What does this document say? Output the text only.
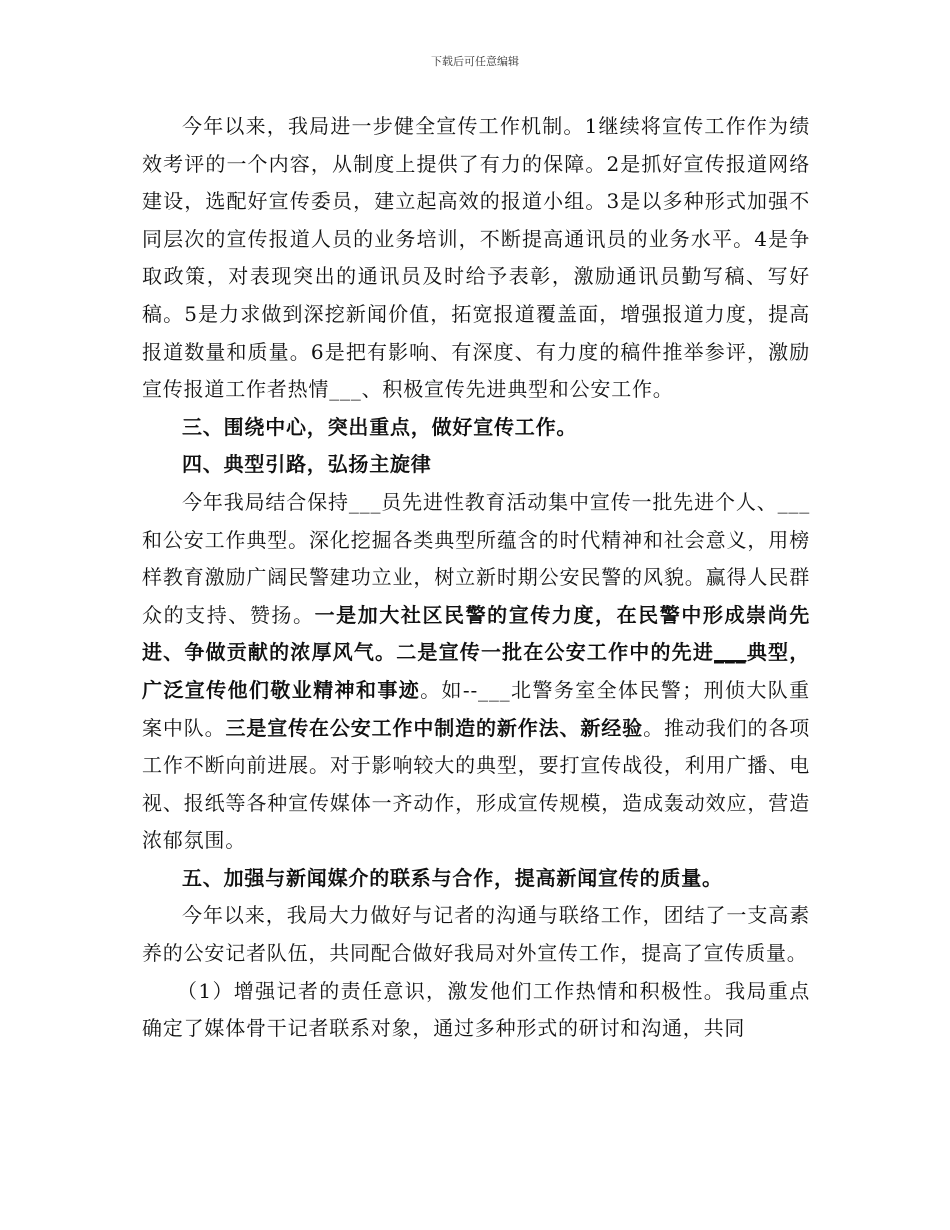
下载后可任意编辑

今年以来，我局进一步健全宣传工作机制。1继续将宣传工作作为绩效考评的一个内容，从制度上提供了有力的保障。2是抓好宣传报道网络建设，选配好宣传委员，建立起高效的报道小组。3是以多种形式加强不同层次的宣传报道人员的业务培训，不断提高通讯员的业务水平。4是争取政策，对表现突出的通讯员及时给予表彰，激励通讯员勤写稿、写好稿。5是力求做到深挖新闻价值，拓宽报道覆盖面，增强报道力度，提高报道数量和质量。6是把有影响、有深度、有力度的稿件推举参评，激励宣传报道工作者热情___、积极宣传先进典型和公安工作。

三、围绕中心，突出重点，做好宣传工作。

四、典型引路，弘扬主旋律

今年我局结合保持___员先进性教育活动集中宣传一批先进个人、___和公安工作典型。深化挖掘各类典型所蕴含的时代精神和社会意义，用榜样教育激励广阔民警建功立业，树立新时期公安民警的风貌。赢得人民群众的支持、赞扬。一是加大社区民警的宣传力度，在民警中形成崇尚先进、争做贡献的浓厚风气。二是宣传一批在公安工作中的先进___典型，广泛宣传他们敬业精神和事迹。如--___北警务室全体民警；刑侦大队重案中队。三是宣传在公安工作中制造的新作法、新经验。推动我们的各项工作不断向前进展。对于影响较大的典型，要打宣传战役，利用广播、电视、报纸等各种宣传媒体一齐动作，形成宣传规模，造成轰动效应，营造浓郁氛围。

五、加强与新闻媒介的联系与合作，提高新闻宣传的质量。

今年以来，我局大力做好与记者的沟通与联络工作，团结了一支高素养的公安记者队伍，共同配合做好我局对外宣传工作，提高了宣传质量。

（1）增强记者的责任意识，激发他们工作热情和积极性。我局重点确定了媒体骨干记者联系对象，通过多种形式的研讨和沟通，共同
